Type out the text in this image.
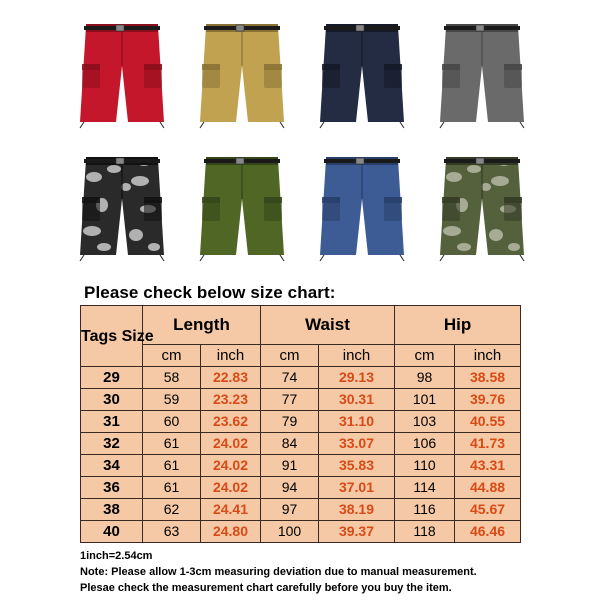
Please check below size chart:
Tags Size	Length		Waist		Hip	
	cm	inch	cm	inch	cm	inch
29	58	22.83	74	29.13	98	38.58
30	59	23.23	77	30.31	101	39.76
31	60	23.62	79	31.10	103	40.55
32	61	24.02	84	33.07	106	41.73
34	61	24.02	91	35.83	110	43.31
36	61	24.02	94	37.01	114	44.88
38	62	24.41	97	38.19	116	45.67
40	63	24.80	100	39.37	118	46.46
1inch=2.54cm
Note: Please allow 1-3cm measuring deviation due to manual measurement.
Plesae check the measurement chart carefully before you buy the item.
